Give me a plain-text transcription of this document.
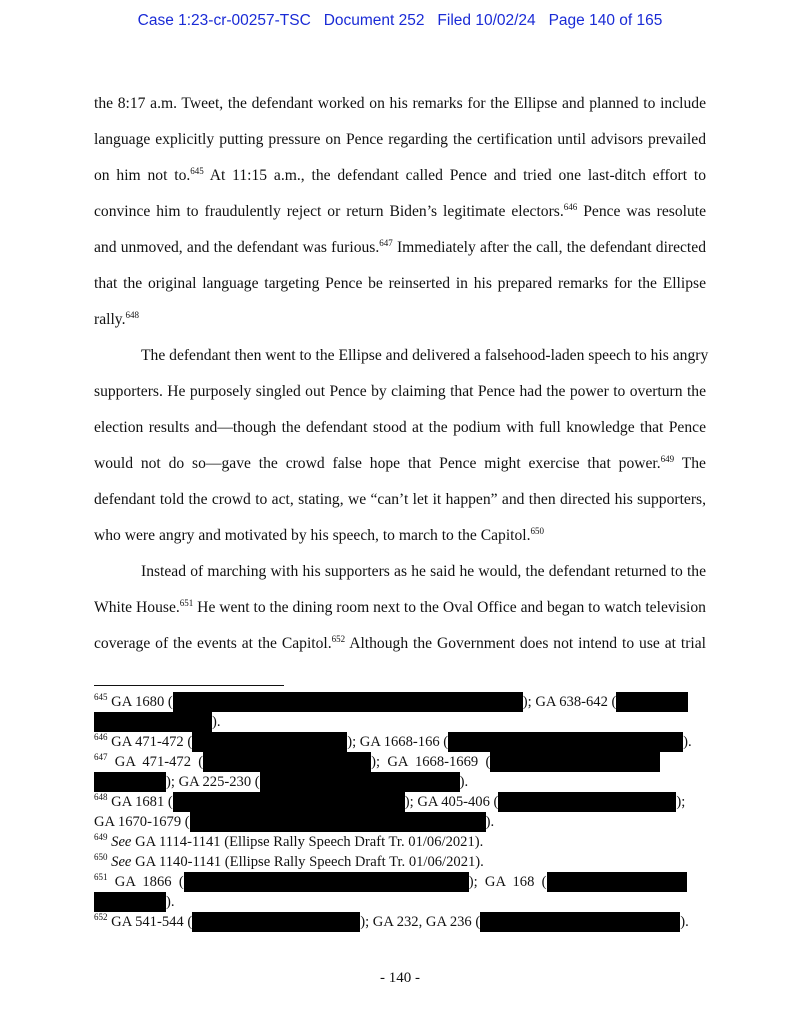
Case 1:23-cr-00257-TSC   Document 252   Filed 10/02/24   Page 140 of 165
the 8:17 a.m. Tweet, the defendant worked on his remarks for the Ellipse and planned to include
language explicitly putting pressure on Pence regarding the certification until advisors prevailed
on him not to.$^{645}$ At 11:15 a.m., the defendant called Pence and tried one last-ditch effort to
convince him to fraudulently reject or return Biden’s legitimate electors.$^{646}$ Pence was resolute
and unmoved, and the defendant was furious.$^{647}$ Immediately after the call, the defendant directed
that the original language targeting Pence be reinserted in his prepared remarks for the Ellipse
rally.$^{648}$
The defendant then went to the Ellipse and delivered a falsehood-laden speech to his angry
supporters. He purposely singled out Pence by claiming that Pence had the power to overturn the
election results and—though the defendant stood at the podium with full knowledge that Pence
would not do so—gave the crowd false hope that Pence might exercise that power.$^{649}$ The
defendant told the crowd to act, stating, we “can’t let it happen” and then directed his supporters,
who were angry and motivated by his speech, to march to the Capitol.$^{650}$
Instead of marching with his supporters as he said he would, the defendant returned to the
White House.$^{651}$ He went to the dining room next to the Oval Office and began to watch television
coverage of the events at the Capitol.$^{652}$ Although the Government does not intend to use at trial
$^{645}$ GA 1680 (	); GA 638-642 (
).
$^{646}$ GA 471-472 (	); GA 1668-166 (	).
$^{647}$  GA  471-472  (	);  GA  1668-1669  (
); GA 225-230 (	).
$^{648}$ GA 1681 (	); GA 405-406 (	);
GA 1670-1679 (	).
$^{649}$ See GA 1114-1141 (Ellipse Rally Speech Draft Tr. 01/06/2021).
$^{650}$ See GA 1140-1141 (Ellipse Rally Speech Draft Tr. 01/06/2021).
$^{651}$  GA  1866  (	);  GA  168  (
).
$^{652}$ GA 541-544 (	); GA 232, GA 236 (	).
- 140 -
